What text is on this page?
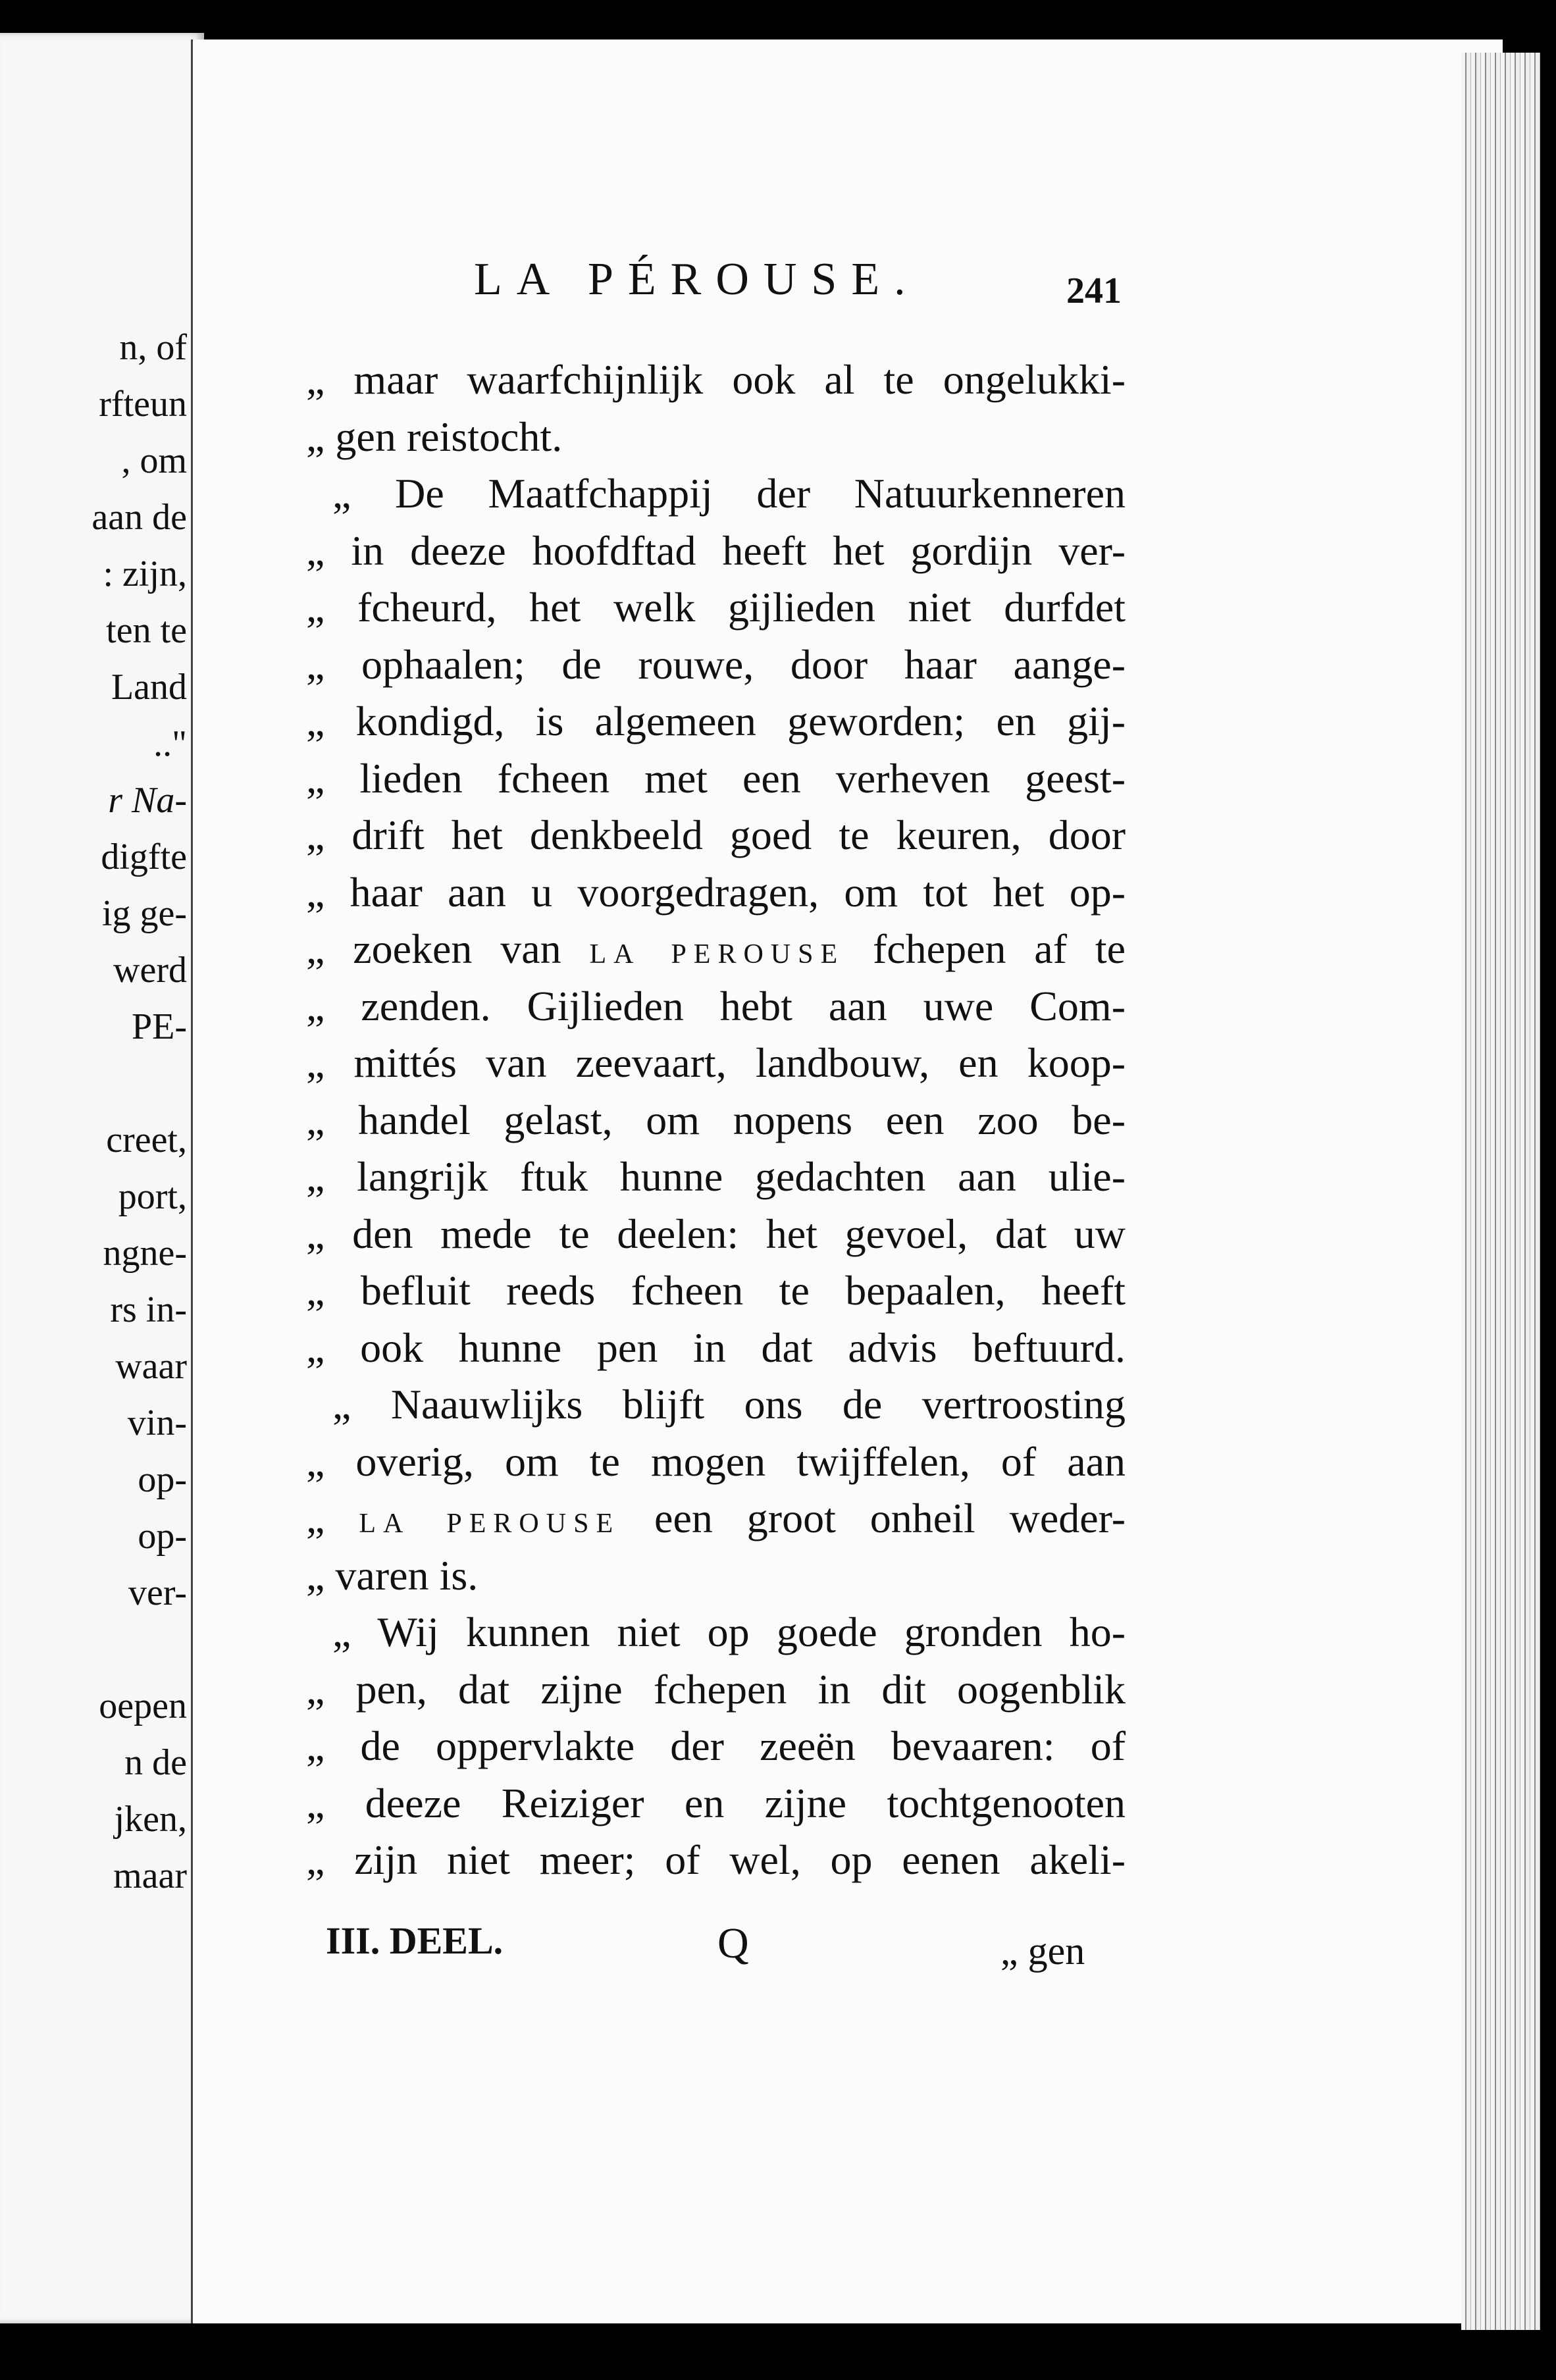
n, of
rfteun
, om
aan de
: zijn,
ten te
Land
.."
r Na-
digfte
ig ge-
werd
PE-
creet,
port,
ngne-
rs in-
waar
vin-
op-
op-
ver-
oepen
n de
jken,
maar
LA PÉROUSE.	241
„ maar waarfchijnlijk ook al te ongelukki-
„ gen reistocht.
„ De Maatfchappij der Natuurkenneren
„ in deeze hoofdftad heeft het gordijn ver-
„ fcheurd, het welk gijlieden niet durfdet
„ ophaalen; de rouwe, door haar aange-
„ kondigd, is algemeen geworden; en gij-
„ lieden fcheen met een verheven geest-
„ drift het denkbeeld goed te keuren, door
„ haar aan u voorgedragen, om tot het op-
„ zoeken van LA PEROUSE fchepen af te
„ zenden. Gijlieden hebt aan uwe Com-
„ mittés van zeevaart, landbouw, en koop-
„ handel gelast, om nopens een zoo be-
„ langrijk ftuk hunne gedachten aan ulie-
„ den mede te deelen: het gevoel, dat uw
„ befluit reeds fcheen te bepaalen, heeft
„ ook hunne pen in dat advis beftuurd.
„ Naauwlijks blijft ons de vertroosting
„ overig, om te mogen twijffelen, of aan
„ LA PEROUSE een groot onheil weder-
„ varen is.
„ Wij kunnen niet op goede gronden ho-
„ pen, dat zijne fchepen in dit oogenblik
„ de oppervlakte der zeeën bevaaren: of
„ deeze Reiziger en zijne tochtgenooten
„ zijn niet meer; of wel, op eenen akeli-
III. DEEL.	Q	„ gen
